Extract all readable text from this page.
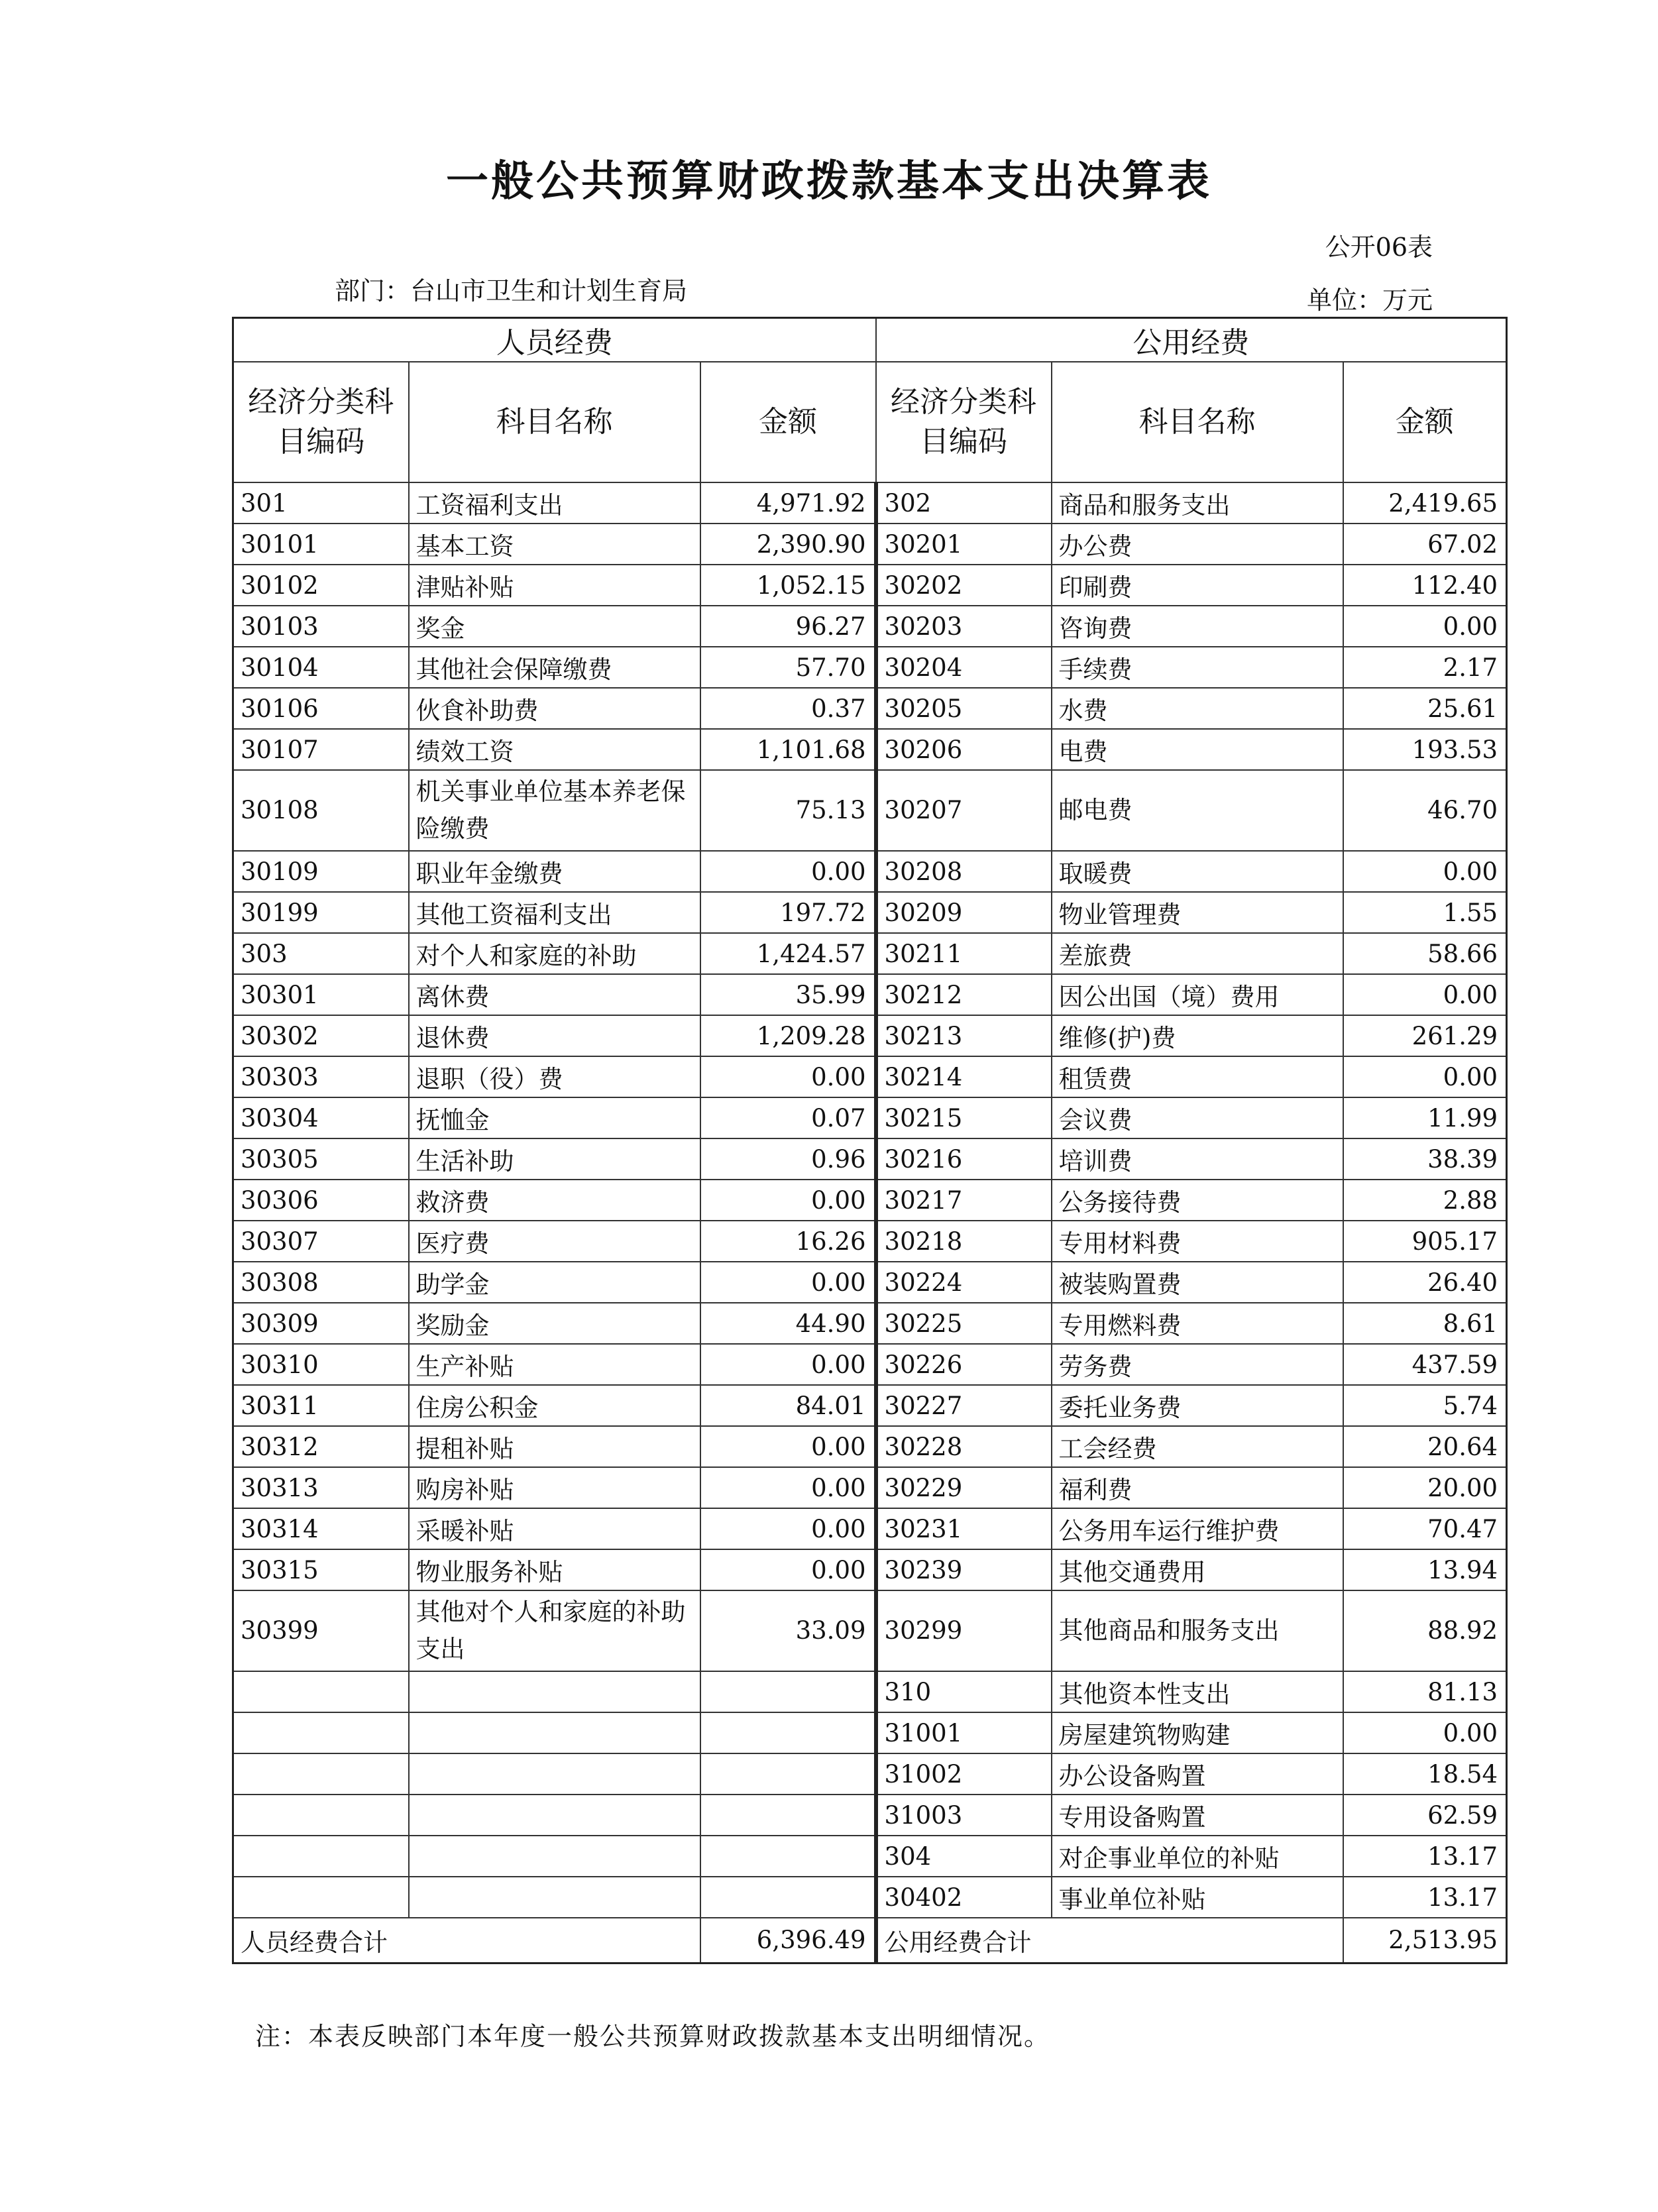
一般公共预算财政拨款基本支出决算表
公开06表
部门：台山市卫生和计划生育局	单位：万元
人员经费			公用经费		
经济分类科目编码	科目名称	金额	经济分类科目编码	科目名称	金额
301	工资福利支出	4,971.92	302	商品和服务支出	2,419.65
30101	基本工资	2,390.90	30201	办公费	67.02
30102	津贴补贴	1,052.15	30202	印刷费	112.40
30103	奖金	96.27	30203	咨询费	0.00
30104	其他社会保障缴费	57.70	30204	手续费	2.17
30106	伙食补助费	0.37	30205	水费	25.61
30107	绩效工资	1,101.68	30206	电费	193.53
30108	机关事业单位基本养老保险缴费	75.13	30207	邮电费	46.70
30109	职业年金缴费	0.00	30208	取暖费	0.00
30199	其他工资福利支出	197.72	30209	物业管理费	1.55
303	对个人和家庭的补助	1,424.57	30211	差旅费	58.66
30301	离休费	35.99	30212	因公出国（境）费用	0.00
30302	退休费	1,209.28	30213	维修(护)费	261.29
30303	退职（役）费	0.00	30214	租赁费	0.00
30304	抚恤金	0.07	30215	会议费	11.99
30305	生活补助	0.96	30216	培训费	38.39
30306	救济费	0.00	30217	公务接待费	2.88
30307	医疗费	16.26	30218	专用材料费	905.17
30308	助学金	0.00	30224	被装购置费	26.40
30309	奖励金	44.90	30225	专用燃料费	8.61
30310	生产补贴	0.00	30226	劳务费	437.59
30311	住房公积金	84.01	30227	委托业务费	5.74
30312	提租补贴	0.00	30228	工会经费	20.64
30313	购房补贴	0.00	30229	福利费	20.00
30314	采暖补贴	0.00	30231	公务用车运行维护费	70.47
30315	物业服务补贴	0.00	30239	其他交通费用	13.94
30399	其他对个人和家庭的补助支出	33.09	30299	其他商品和服务支出	88.92
			310	其他资本性支出	81.13
			31001	房屋建筑物购建	0.00
			31002	办公设备购置	18.54
			31003	专用设备购置	62.59
			304	对企事业单位的补贴	13.17
			30402	事业单位补贴	13.17
人员经费合计		6,396.49	公用经费合计		2,513.95
注：本表反映部门本年度一般公共预算财政拨款基本支出明细情况。
